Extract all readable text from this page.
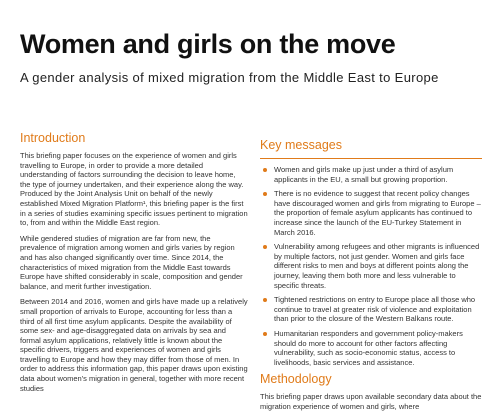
Women and girls on the move
A gender analysis of mixed migration from the Middle East to Europe
Introduction

This briefing paper focuses on the experience of women and girls travelling to Europe, in order to provide a more detailed understanding of factors surrounding the decision to leave home, the type of journey undertaken, and their experience along the way. Produced by the Joint Analysis Unit on behalf of the newly established Mixed Migration Platform¹, this briefing paper is the first in a series of studies examining specific issues pertinent to migration to, from and within the Middle East region.

While gendered studies of migration are far from new, the prevalence of migration among women and girls varies by region and has also changed significantly over time. Since 2014, the characteristics of mixed migration from the Middle East towards Europe have shifted considerably in scale, composition and gender balance, and merit further investigation.

Between 2014 and 2016, women and girls have made up a relatively small proportion of arrivals to Europe, accounting for less than a third of all first time asylum applicants. Despite the availability of some sex- and age-disaggregated data on arrivals by sea and formal asylum applications, relatively little is known about the specific drivers, triggers and experiences of women and girls travelling to Europe and how they may differ from those of men. In order to address this information gap, this paper draws upon existing data about women's migration in general, together with more recent studies

Key messages
Women and girls make up just under a third of asylum applicants in the EU, a small but growing proportion.
There is no evidence to suggest that recent policy changes have discouraged women and girls from migrating to Europe – the proportion of female asylum applicants has continued to increase since the launch of the EU-Turkey Statement in March 2016.
Vulnerability among refugees and other migrants is influenced by multiple factors, not just gender. Women and girls face different risks to men and boys at different points along the journey, leaving them both more and less vulnerable to specific threats.
Tightened restrictions on entry to Europe place all those who continue to travel at greater risk of violence and exploitation than prior to the closure of the Western Balkans route.
Humanitarian responders and government policy-makers should do more to account for other factors affecting vulnerability, such as socio-economic status, access to livelihoods, basic services and assistance.
Methodology

This briefing paper draws upon available secondary data about the migration experience of women and girls, where
